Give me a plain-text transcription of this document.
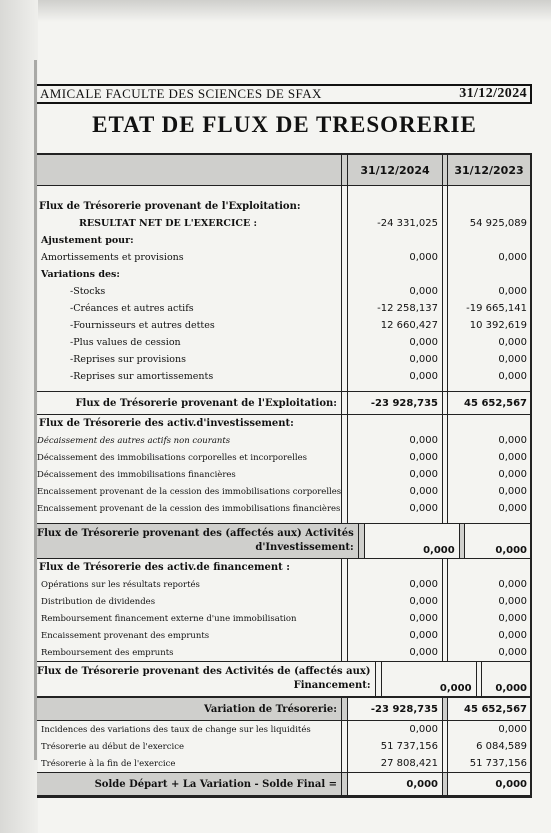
AMICALE FACULTE DES SCIENCES DE SFAX	31/12/2024
ETAT DE FLUX DE TRESORERIE
31/12/2024	31/12/2023
Flux de Trésorerie provenant de l'Exploitation:
RESULTAT NET DE L'EXERCICE :	-24 331,025	54 925,089
Ajustement pour:
Amortissements et provisions	0,000	0,000
Variations des:
-Stocks	0,000	0,000
-Créances et autres actifs	-12 258,137	-19 665,141
-Fournisseurs et autres dettes	12 660,427	10 392,619
-Plus values de cession	0,000	0,000
-Reprises sur provisions	0,000	0,000
-Reprises sur amortissements	0,000	0,000
Flux de Trésorerie provenant de l'Exploitation:	-23 928,735	45 652,567
Flux de Trésorerie des activ.d'investissement:
Décaissement des autres actifs non courants	0,000	0,000
Décaissement des immobilisations corporelles et incorporelles	0,000	0,000
Décaissement des immobilisations financières	0,000	0,000
Encaissement provenant de la cession des immobilisations corporelles	0,000	0,000
Encaissement provenant de la cession des immobilisations financières	0,000	0,000
Flux de Trésorerie provenant des (affectés aux) Activités
d'Investissement:	0,000	0,000
Flux de Trésorerie des activ.de financement :
Opérations sur les résultats reportés	0,000	0,000
Distribution de dividendes	0,000	0,000
Remboursement financement externe d'une immobilisation	0,000	0,000
Encaissement provenant des emprunts	0,000	0,000
Remboursement des emprunts	0,000	0,000
Flux de Trésorerie provenant des Activités de (affectés aux)
Financement:	0,000	0,000
Variation de Trésorerie:	-23 928,735	45 652,567
Incidences des variations des taux de change sur les liquidités	0,000	0,000
Trésorerie au début de l'exercice	51 737,156	6 084,589
Trésorerie à la fin de l'exercice	27 808,421	51 737,156
Solde Départ + La Variation - Solde Final =	0,000	0,000
